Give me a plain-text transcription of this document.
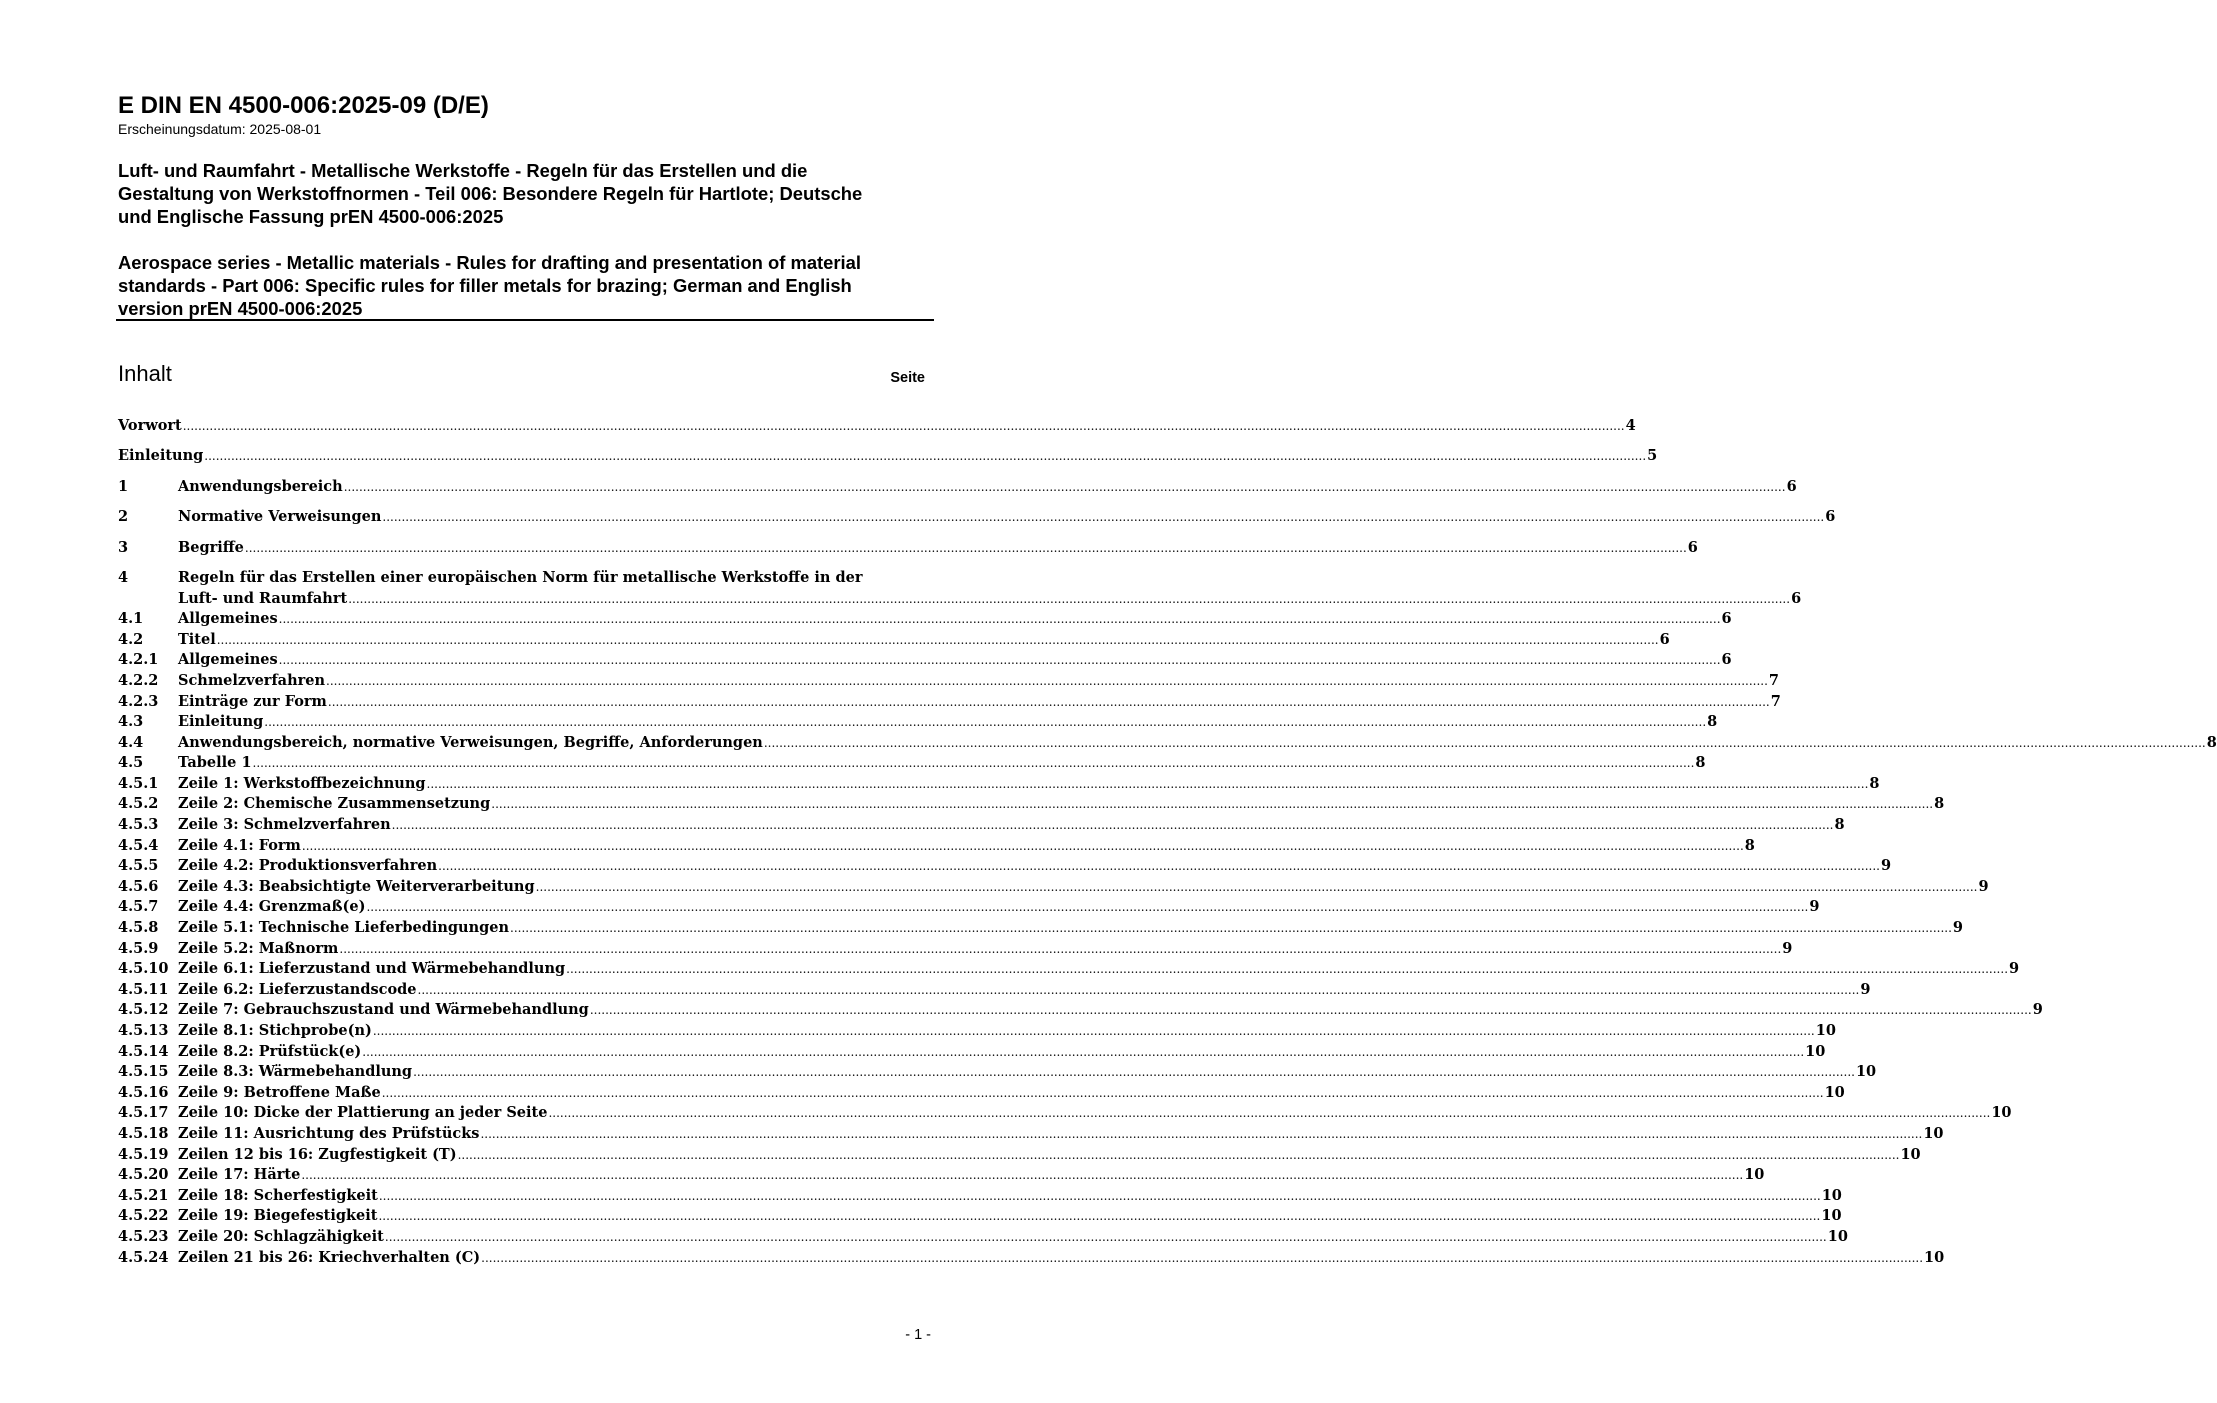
E DIN EN 4500-006:2025-09 (D/E)
Erscheinungsdatum: 2025-08-01
Luft- und Raumfahrt - Metallische Werkstoffe - Regeln für das Erstellen und die
Gestaltung von Werkstoffnormen - Teil 006: Besondere Regeln für Hartlote; Deutsche
und Englische Fassung prEN 4500-006:2025
Aerospace series - Metallic materials - Rules for drafting and presentation of material
standards - Part 006: Specific rules for filler metals for brazing; German and English
version prEN 4500-006:2025
Inhalt	Seite
Vorwort .......................................................................................................................................................................................................................................................................................................................................................................................... 4
Einleitung .......................................................................................................................................................................................................................................................................................................................................................................................... 5
1	Anwendungsbereich .......................................................................................................................................................................................................................................................................................................................................................................................... 6
2	Normative Verweisungen .......................................................................................................................................................................................................................................................................................................................................................................................... 6
3	Begriffe .......................................................................................................................................................................................................................................................................................................................................................................................... 6
4	Regeln für das Erstellen einer europäischen Norm für metallische Werkstoffe in der
Luft- und Raumfahrt .......................................................................................................................................................................................................................................................................................................................................................................................... 6
4.1 Allgemeines .......................................................................................................................................................................................................................................................................................................................................................................................... 6
4.2 Titel .......................................................................................................................................................................................................................................................................................................................................................................................... 6
4.2.1 Allgemeines .......................................................................................................................................................................................................................................................................................................................................................................................... 6
4.2.2 Schmelzverfahren .......................................................................................................................................................................................................................................................................................................................................................................................... 7
4.2.3 Einträge zur Form .......................................................................................................................................................................................................................................................................................................................................................................................... 7
4.3 Einleitung .......................................................................................................................................................................................................................................................................................................................................................................................... 8
4.4 Anwendungsbereich, normative Verweisungen, Begriffe, Anforderungen .......................................................................................................................................................................................................................................................................................................................................................................................... 8
4.5 Tabelle 1 .......................................................................................................................................................................................................................................................................................................................................................................................... 8
4.5.1 Zeile 1: Werkstoffbezeichnung .......................................................................................................................................................................................................................................................................................................................................................................................... 8
4.5.2 Zeile 2: Chemische Zusammensetzung .......................................................................................................................................................................................................................................................................................................................................................................................... 8
4.5.3 Zeile 3: Schmelzverfahren .......................................................................................................................................................................................................................................................................................................................................................................................... 8
4.5.4 Zeile 4.1: Form .......................................................................................................................................................................................................................................................................................................................................................................................... 8
4.5.5 Zeile 4.2: Produktionsverfahren .......................................................................................................................................................................................................................................................................................................................................................................................... 9
4.5.6 Zeile 4.3: Beabsichtigte Weiterverarbeitung .......................................................................................................................................................................................................................................................................................................................................................................................... 9
4.5.7 Zeile 4.4: Grenzmaß(e) .......................................................................................................................................................................................................................................................................................................................................................................................... 9
4.5.8 Zeile 5.1: Technische Lieferbedingungen .......................................................................................................................................................................................................................................................................................................................................................................................... 9
4.5.9 Zeile 5.2: Maßnorm .......................................................................................................................................................................................................................................................................................................................................................................................... 9
4.5.10 Zeile 6.1: Lieferzustand und Wärmebehandlung .......................................................................................................................................................................................................................................................................................................................................................................................... 9
4.5.11 Zeile 6.2: Lieferzustandscode .......................................................................................................................................................................................................................................................................................................................................................................................... 9
4.5.12 Zeile 7: Gebrauchszustand und Wärmebehandlung .......................................................................................................................................................................................................................................................................................................................................................................................... 9
4.5.13 Zeile 8.1: Stichprobe(n) .......................................................................................................................................................................................................................................................................................................................................................................................... 10
4.5.14 Zeile 8.2: Prüfstück(e) .......................................................................................................................................................................................................................................................................................................................................................................................... 10
4.5.15 Zeile 8.3: Wärmebehandlung .......................................................................................................................................................................................................................................................................................................................................................................................... 10
4.5.16 Zeile 9: Betroffene Maße .......................................................................................................................................................................................................................................................................................................................................................................................... 10
4.5.17 Zeile 10: Dicke der Plattierung an jeder Seite .......................................................................................................................................................................................................................................................................................................................................................................................... 10
4.5.18 Zeile 11: Ausrichtung des Prüfstücks .......................................................................................................................................................................................................................................................................................................................................................................................... 10
4.5.19 Zeilen 12 bis 16: Zugfestigkeit (T) .......................................................................................................................................................................................................................................................................................................................................................................................... 10
4.5.20 Zeile 17: Härte .......................................................................................................................................................................................................................................................................................................................................................................................... 10
4.5.21 Zeile 18: Scherfestigkeit .......................................................................................................................................................................................................................................................................................................................................................................................... 10
4.5.22 Zeile 19: Biegefestigkeit .......................................................................................................................................................................................................................................................................................................................................................................................... 10
4.5.23 Zeile 20: Schlagzähigkeit .......................................................................................................................................................................................................................................................................................................................................................................................... 10
4.5.24 Zeilen 21 bis 26: Kriechverhalten (C) .......................................................................................................................................................................................................................................................................................................................................................................................... 10
- 1 -
